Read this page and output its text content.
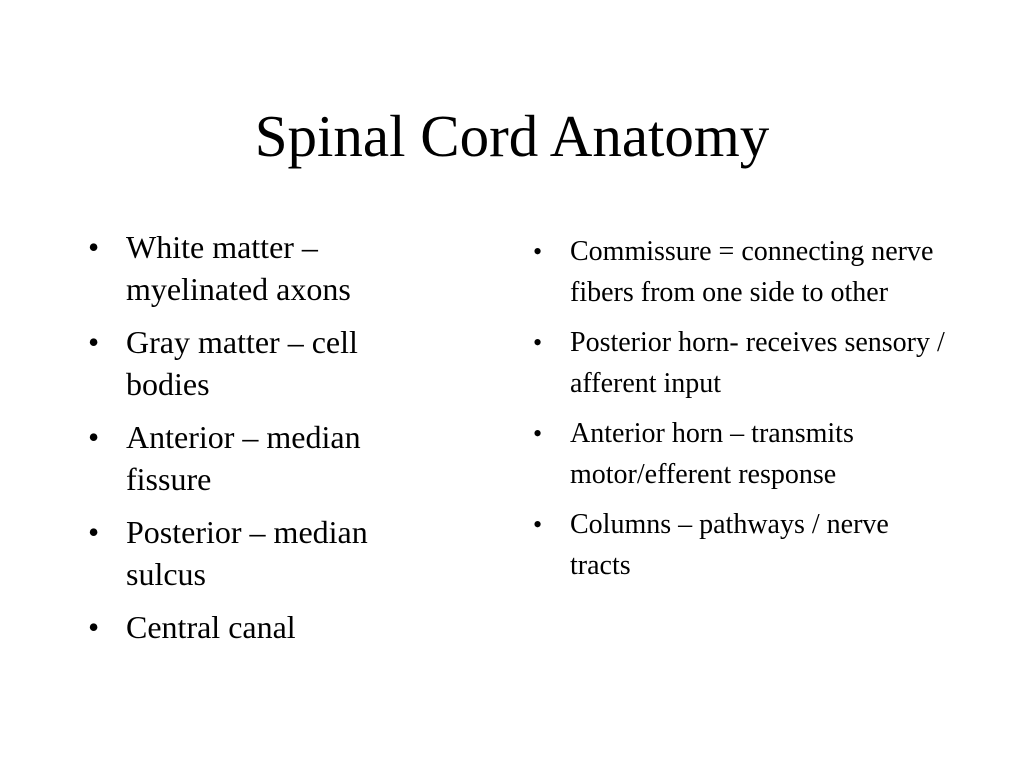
Spinal Cord Anatomy
• White matter – myelinated axons
• Gray matter – cell bodies
• Anterior – median fissure
• Posterior – median sulcus
• Central canal
• Commissure = connecting nerve fibers from one side to other
• Posterior horn- receives sensory / afferent input
• Anterior horn – transmits motor/efferent response
• Columns – pathways / nerve tracts
